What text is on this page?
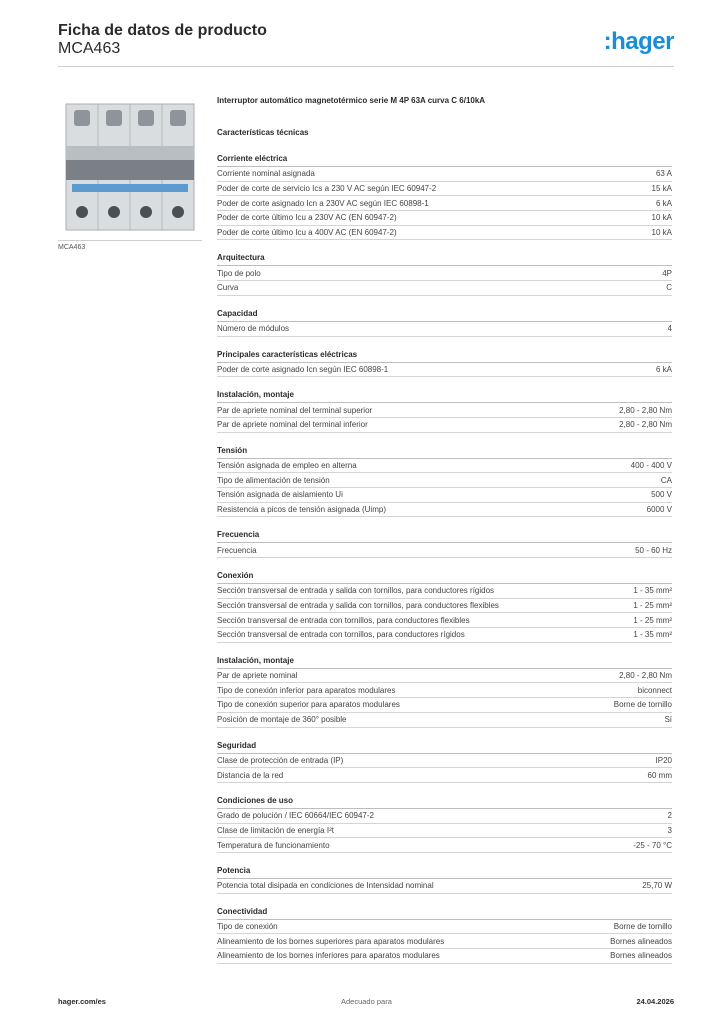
Ficha de datos de producto
MCA463	:hager
MCA463
Interruptor automático magnetotérmico serie M 4P 63A curva C 6/10kA
Características técnicas
Corriente eléctrica
Corriente nominal asignada	63 A
Poder de corte de servicio Ics a 230 V AC según IEC 60947-2	15 kA
Poder de corte asignado Icn a 230V AC según IEC 60898-1	6 kA
Poder de corte último Icu a 230V AC (EN 60947-2)	10 kA
Poder de corte último Icu a 400V AC (EN 60947-2)	10 kA
Arquitectura
Tipo de polo	4P
Curva	C
Capacidad
Número de módulos	4
Principales características eléctricas
Poder de corte asignado Icn según IEC 60898-1	6 kA
Instalación, montaje
Par de apriete nominal del terminal superior	2,80 - 2,80 Nm
Par de apriete nominal del terminal inferior	2,80 - 2,80 Nm
Tensión
Tensión asignada de empleo en alterna	400 - 400 V
Tipo de alimentación de tensión	CA
Tensión asignada de aislamiento Ui	500 V
Resistencia a picos de tensión asignada (Uimp)	6000 V
Frecuencia
Frecuencia	50 - 60 Hz
Conexión
Sección transversal de entrada y salida con tornillos, para conductores rígidos	1 - 35 mm²
Sección transversal de entrada y salida con tornillos, para conductores flexibles	1 - 25 mm²
Sección transversal de entrada con tornillos, para conductores flexibles	1 - 25 mm²
Sección transversal de entrada con tornillos, para conductores rígidos	1 - 35 mm²
Instalación, montaje
Par de apriete nominal	2,80 - 2,80 Nm
Tipo de conexión inferior para aparatos modulares	biconnect
Tipo de conexión superior para aparatos modulares	Borne de tornillo
Posición de montaje de 360° posible	Sí
Seguridad
Clase de protección de entrada (IP)	IP20
Distancia de la red	60 mm
Condiciones de uso
Grado de polución / IEC 60664/IEC 60947-2	2
Clase de limitación de energía I²t	3
Temperatura de funcionamiento	-25 - 70 °C
Potencia
Potencia total disipada en condiciones de Intensidad nominal	25,70 W
Conectividad
Tipo de conexión	Borne de tornillo
Alineamiento de los bornes superiores para aparatos modulares	Bornes alineados
Alineamiento de los bornes inferiores para aparatos modulares	Bornes alineados
hager.com/es	Adecuado para	24.04.2026
